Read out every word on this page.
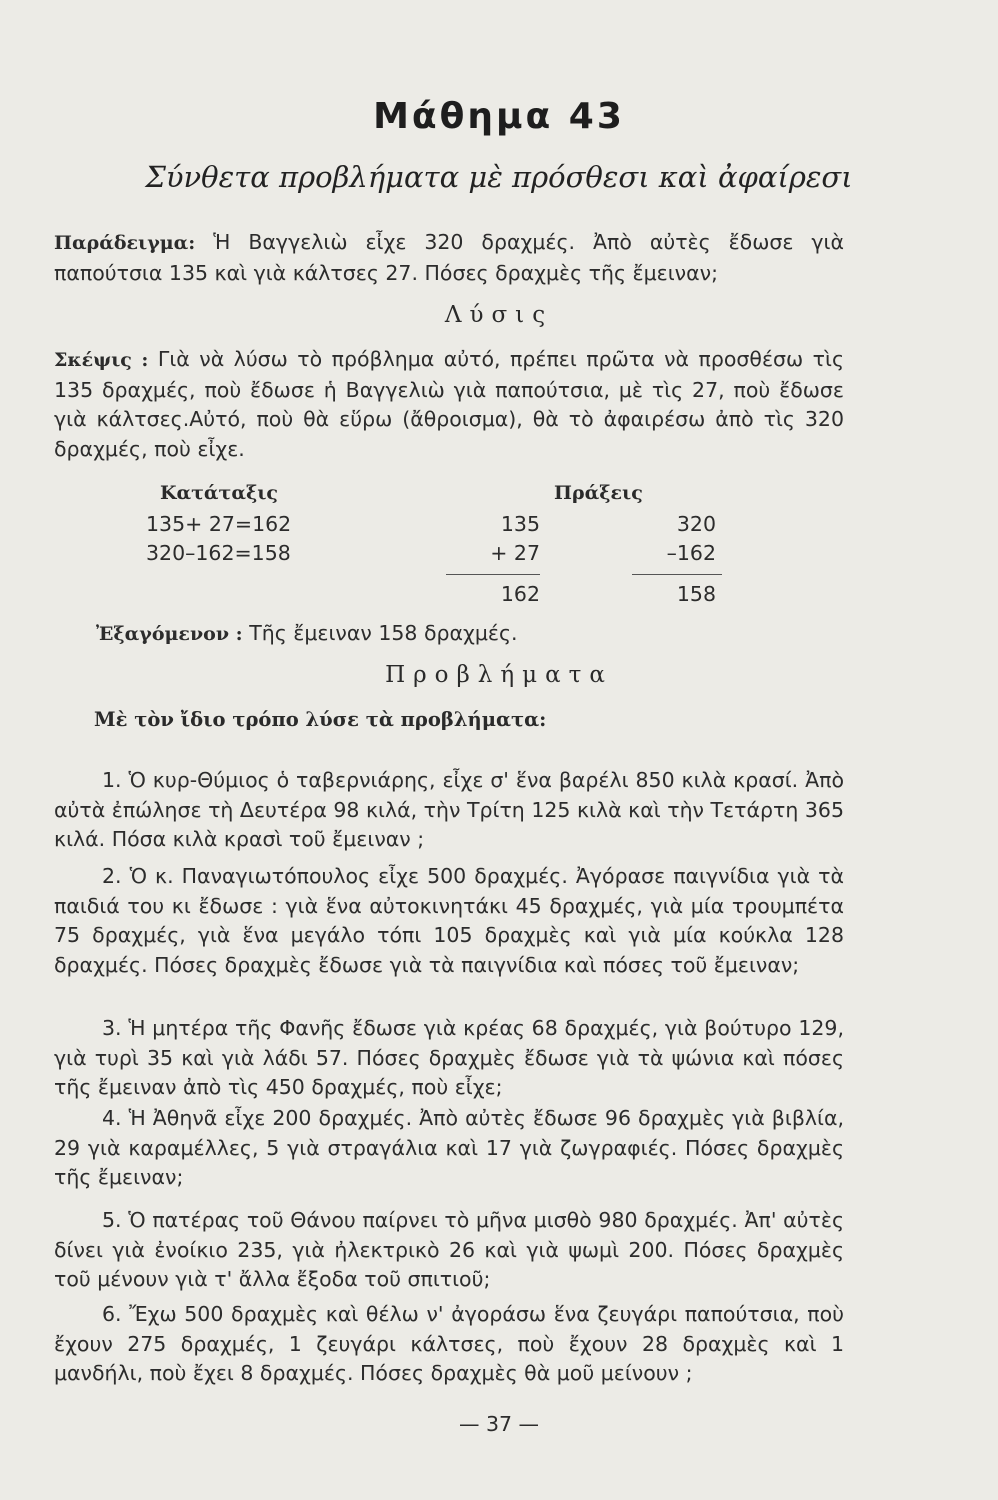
Μάθημα 43
Σύνθετα προβλήματα μὲ πρόσθεσι καὶ ἀφαίρεσι
Παράδειγμα: Ἡ Βαγγελιὼ εἶχε 320 δραχμές. Ἀπὸ αὐτὲς ἔδωσε γιὰ παπούτσια 135 καὶ γιὰ κάλτσες 27. Πόσες δραχμὲς τῆς ἔμειναν;
Λύσις
Σκέψις : Γιὰ νὰ λύσω τὸ πρόβλημα αὐτό, πρέπει πρῶτα νὰ προσθέσω τὶς 135 δραχμές, ποὺ ἔδωσε ἡ Βαγγελιὼ γιὰ παπούτσια, μὲ τὶς 27, ποὺ ἔδωσε γιὰ κάλτσες.Αὐτό, ποὺ θὰ εὕρω (ἄθροισμα), θὰ τὸ ἀφαιρέσω ἀπὸ τὶς 320 δραχμές, ποὺ εἶχε.
Κατάταξις
135+ 27=162
320–162=158
Πράξεις
135
+ 27
162
320
–162
158
Ἐξαγόμενον : Τῆς ἔμειναν 158 δραχμές.
Προβλήματα
Μὲ τὸν ἴδιο τρόπο λύσε τὰ προβλήματα:
1. Ὁ κυρ-Θύμιος ὁ ταβερνιάρης, εἶχε σ' ἕνα βαρέλι 850 κιλὰ κρασί. Ἀπὸ αὐτὰ ἐπώλησε τὴ Δευτέρα 98 κιλά, τὴν Τρίτη 125 κιλὰ καὶ τὴν Τετάρτη 365 κιλά. Πόσα κιλὰ κρασὶ τοῦ ἔμειναν ;
2. Ὁ κ. Παναγιωτόπουλος εἶχε 500 δραχμές. Ἀγόρασε παιγνίδια γιὰ τὰ παιδιά του κι ἔδωσε : γιὰ ἕνα αὐτοκινητάκι 45 δραχμές, γιὰ μία τρουμπέτα 75 δραχμές, γιὰ ἕνα μεγάλο τόπι 105 δραχμὲς καὶ γιὰ μία κούκλα 128 δραχμές. Πόσες δραχμὲς ἔδωσε γιὰ τὰ παιγνίδια καὶ πόσες τοῦ ἔμειναν;
3. Ἡ μητέρα τῆς Φανῆς ἔδωσε γιὰ κρέας 68 δραχμές, γιὰ βούτυρο 129, γιὰ τυρὶ 35 καὶ γιὰ λάδι 57. Πόσες δραχμὲς ἔδωσε γιὰ τὰ ψώνια καὶ πόσες τῆς ἔμειναν ἀπὸ τὶς 450 δραχμές, ποὺ εἶχε;
4. Ἡ Ἀθηνᾶ εἶχε 200 δραχμές. Ἀπὸ αὐτὲς ἔδωσε 96 δραχμὲς γιὰ βιβλία, 29 γιὰ καραμέλλες, 5 γιὰ στραγάλια καὶ 17 γιὰ ζωγραφιές. Πόσες δραχμὲς τῆς ἔμειναν;
5. Ὁ πατέρας τοῦ Θάνου παίρνει τὸ μῆνα μισθὸ 980 δραχμές. Ἀπ' αὐτὲς δίνει γιὰ ἐνοίκιο 235, γιὰ ἠλεκτρικὸ 26 καὶ γιὰ ψωμὶ 200. Πόσες δραχμὲς τοῦ μένουν γιὰ τ' ἄλλα ἔξοδα τοῦ σπιτιοῦ;
6. Ἔχω 500 δραχμὲς καὶ θέλω ν' ἀγοράσω ἕνα ζευγάρι παπούτσια, ποὺ ἔχουν 275 δραχμές, 1 ζευγάρι κάλτσες, ποὺ ἔχουν 28 δραχμὲς καὶ 1 μανδήλι, ποὺ ἔχει 8 δραχμές. Πόσες δραχμὲς θὰ μοῦ μείνουν ;
— 37 —
